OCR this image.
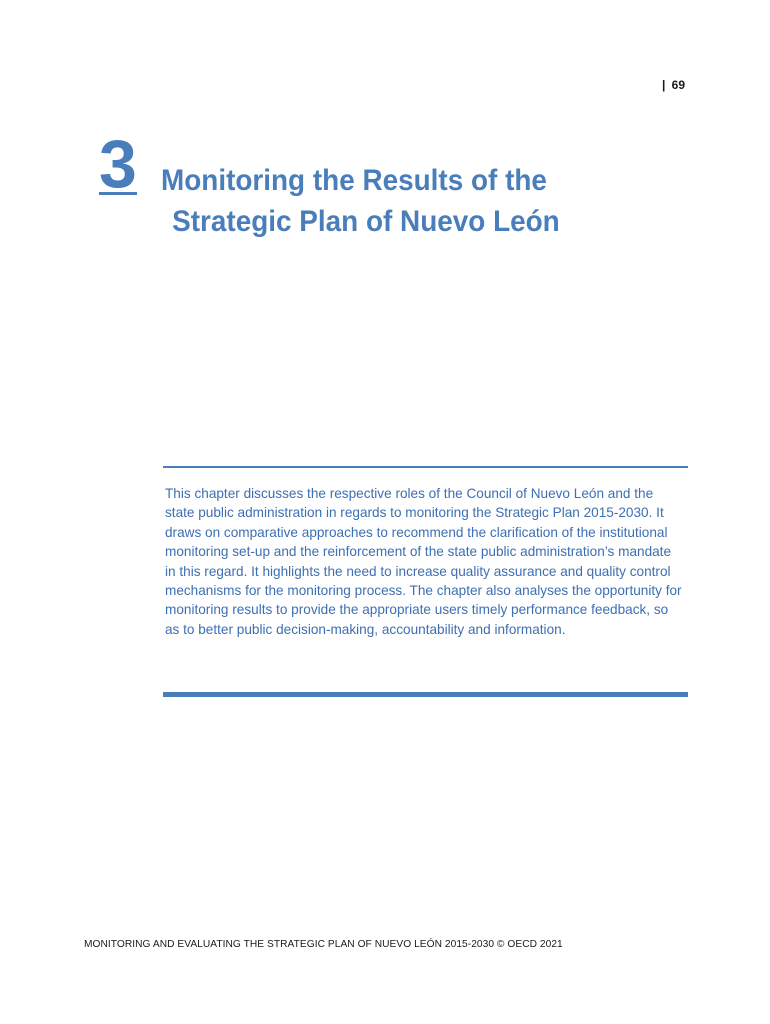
| 69
3 Monitoring the Results of the
Strategic Plan of Nuevo León

This chapter discusses the respective roles of the Council of Nuevo León and the state public administration in regards to monitoring the Strategic Plan 2015-2030. It draws on comparative approaches to recommend the clarification of the institutional monitoring set-up and the reinforcement of the state public administration’s mandate in this regard. It highlights the need to increase quality assurance and quality control mechanisms for the monitoring process. The chapter also analyses the opportunity for monitoring results to provide the appropriate users timely performance feedback, so as to better public decision-making, accountability and information.

MONITORING AND EVALUATING THE STRATEGIC PLAN OF NUEVO LEÓN 2015-2030 © OECD 2021
